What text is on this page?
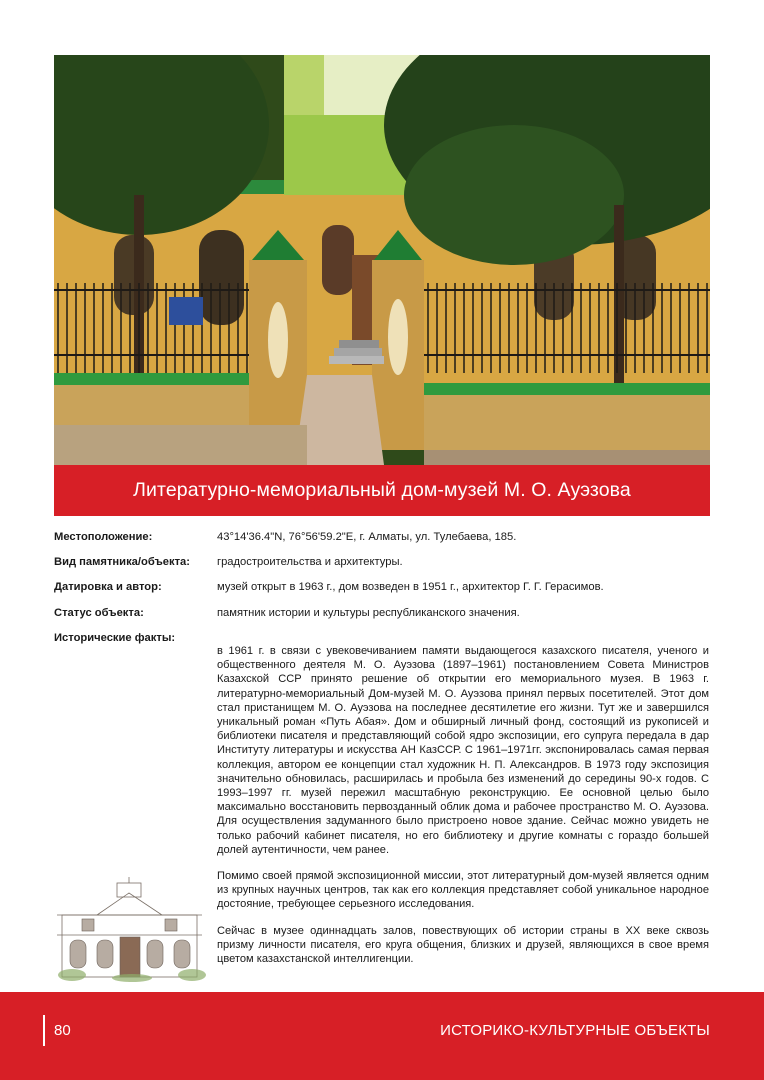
Литературно-мемориальный дом-музей М. О. Ауэзова
Местоположение:	43°14'36.4"N, 76°56'59.2"E, г. Алматы, ул. Тулебаева, 185.
Вид памятника/объекта:	градостроительства и архитектуры.
Датировка и автор:	музей открыт в 1963 г., дом возведен в 1951 г., архитектор Г. Г. Герасимов.
Статус объекта:	памятник истории и культуры республиканского значения.
Исторические факты:

в 1961 г. в связи с увековечиванием памяти выдающегося казахского писателя, ученого и общественного деятеля М. О. Ауэзова (1897–1961) постановлением Совета Министров Казахской ССР принято решение об открытии его мемориального музея. В 1963 г. литературно-мемориальный Дом-музей М. О. Ауэзова принял первых посетителей. Этот дом стал пристанищем М. О. Ауэзова на последнее десятилетие его жизни. Тут же и завершился уникальный роман «Путь Абая». Дом и обширный личный фонд, состоящий из рукописей и библиотеки писателя и представляющий собой ядро экспозиции, его супруга передала в дар Институту литературы и искусства АН КазССР. С 1961–1971гг. экспонировалась самая первая коллекция, автором ее концепции стал художник Н. П. Александров. В 1973 году экспозиция значительно обновилась, расширилась и пробыла без изменений до середины 90-х годов. С 1993–1997 гг. музей пережил масштабную реконструкцию. Ее основной целью было максимально восстановить первозданный облик дома и рабочее пространство М. О. Ауэзова. Для осуществления задуманного было пристроено новое здание. Сейчас можно увидеть не только рабочий кабинет писателя, но его библиотеку и другие комнаты с гораздо большей долей аутентичности, чем ранее.

Помимо своей прямой экспозиционной миссии, этот литературный дом-музей является одним из крупных научных центров, так как его коллекция представляет собой уникальное народное достояние, требующее серьезного исследования.

Сейчас в музее одиннадцать залов, повествующих об истории страны в XX веке сквозь призму личности писателя, его круга общения, близких и друзей, являющихся в свое время цветом казахстанской интеллигенции.

80	ИСТОРИКО-КУЛЬТУРНЫЕ ОБЪЕКТЫ
